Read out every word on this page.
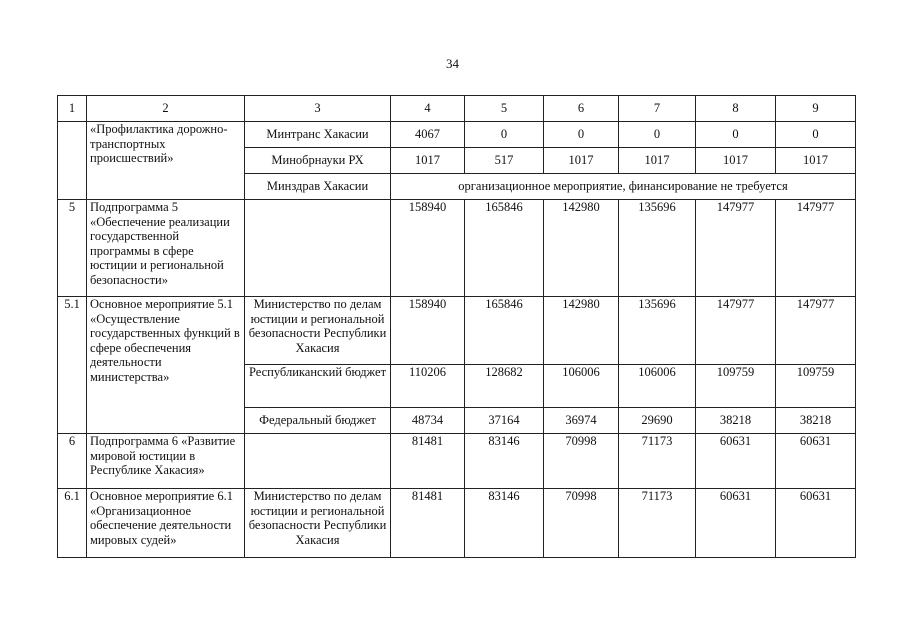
34
1	2	3	4	5	6	7	8	9
	«Профилактика дорожно-транспортных происшествий»	Минтранс Хакасии	4067	0	0	0	0	0
		Минобрнауки РХ	1017	517	1017	1017	1017	1017
		Минздрав Хакасии	организационное мероприятие, финансирование не требуется					
5	Подпрограмма 5 «Обеспечение реализации государственной программы в сфере юстиции и региональной безопасности»		158940	165846	142980	135696	147977	147977
5.1	Основное мероприятие 5.1 «Осуществление государственных функций в сфере обеспечения деятельности министерства»	Министерство по делам юстиции и региональной безопасности Республики Хакасия	158940	165846	142980	135696	147977	147977
		Республиканский бюджет	110206	128682	106006	106006	109759	109759
		Федеральный бюджет	48734	37164	36974	29690	38218	38218
6	Подпрограмма 6 «Развитие мировой юстиции в Республике Хакасия»		81481	83146	70998	71173	60631	60631
6.1	Основное мероприятие 6.1 «Организационное обеспечение деятельности мировых судей»	Министерство по делам юстиции и региональной безопасности Республики Хакасия	81481	83146	70998	71173	60631	60631
